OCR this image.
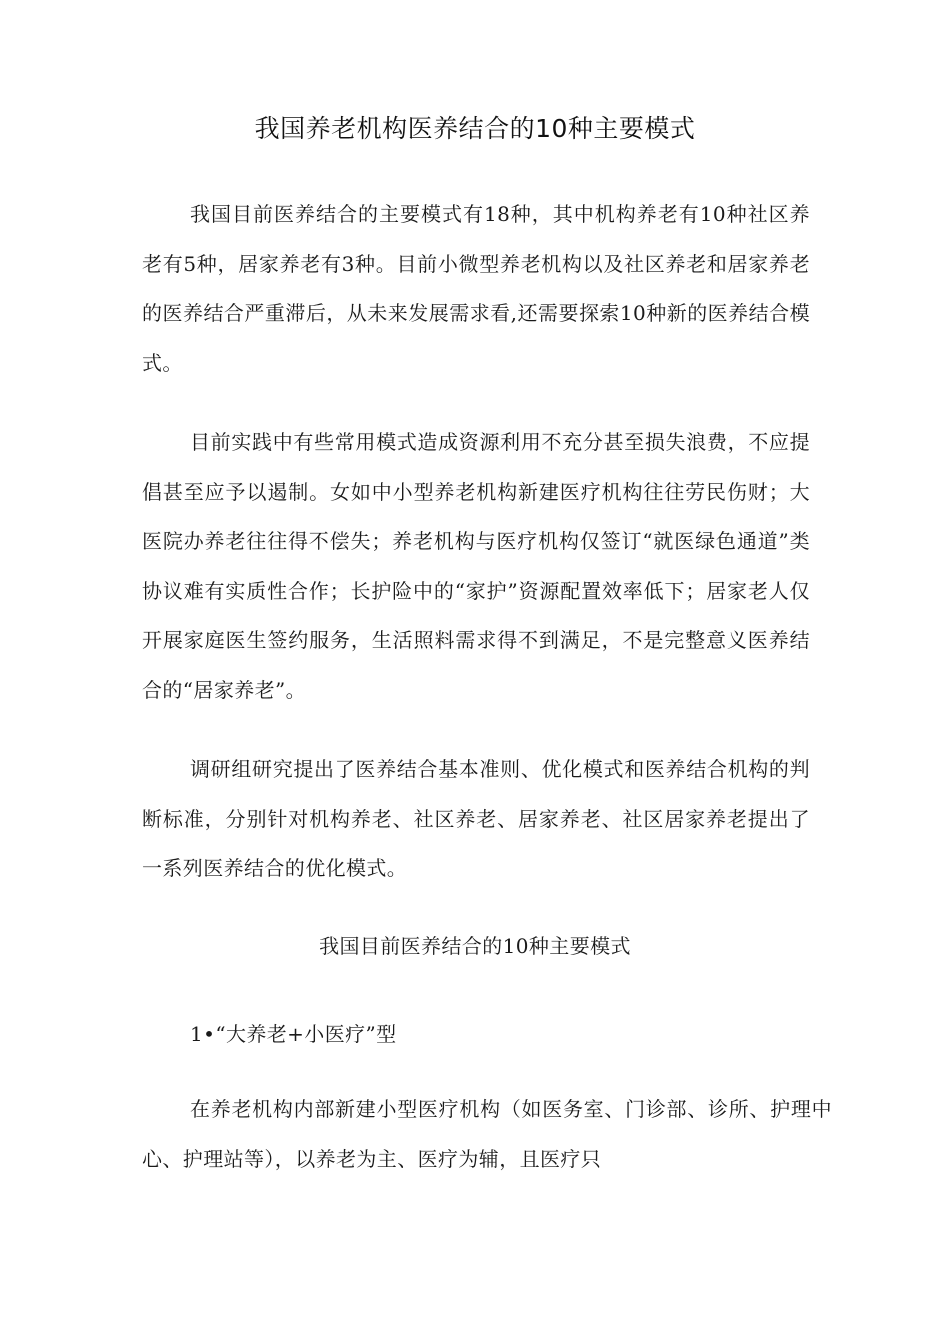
我国养老机构医养结合的10种主要模式

我国目前医养结合的主要模式有18种，其中机构养老有10种社区养老有5种，居家养老有3种。目前小微型养老机构以及社区养老和居家养老的医养结合严重滞后，从未来发展需求看,还需要探索10种新的医养结合模式。

目前实践中有些常用模式造成资源利用不充分甚至损失浪费，不应提倡甚至应予以遏制。女如中小型养老机构新建医疗机构往往劳民伤财；大医院办养老往往得不偿失；养老机构与医疗机构仅签订“就医绿色通道”类协议难有实质性合作；长护险中的“家护”资源配置效率低下；居家老人仅开展家庭医生签约服务，生活照料需求得不到满足，不是完整意义医养结合的“居家养老”。

调研组研究提出了医养结合基本准则、优化模式和医养结合机构的判断标准，分别针对机构养老、社区养老、居家养老、社区居家养老提出了一系列医养结合的优化模式。

我国目前医养结合的10种主要模式

1•“大养老+小医疗”型

在养老机构内部新建小型医疗机构（如医务室、门诊部、诊所、护理中心、护理站等），以养老为主、医疗为辅，且医疗只
